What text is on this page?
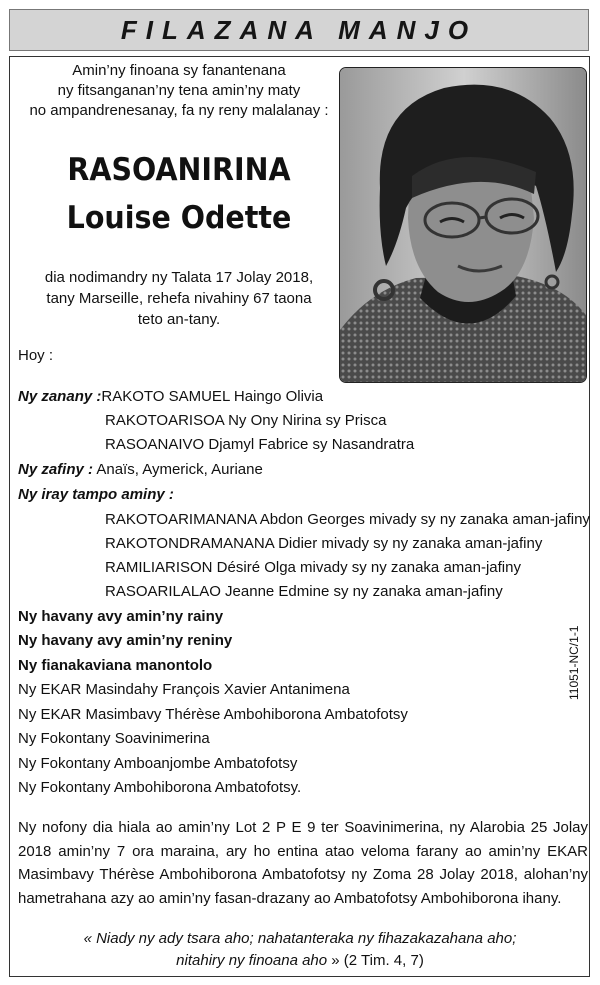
FILAZANA MANJO
Amin’ny finoana sy fanantenana
ny fitsanganan’ny tena amin’ny maty
no ampandrenesanay, fa ny reny malalanay :
RASOANIRINA
Louise Odette
dia nodimandry ny Talata 17 Jolay 2018,
tany Marseille, rehefa nivahiny 67 taona
teto an-tany.
Hoy :
Ny zanany :RAKOTO SAMUEL Haingo Olivia
RAKOTOARISOA Ny Ony Nirina sy Prisca
RASOANAIVO Djamyl Fabrice sy Nasandratra
Ny zafiny : Anaïs, Aymerick, Auriane
Ny iray tampo aminy :
RAKOTOARIMANANA Abdon Georges mivady sy ny zanaka aman-jafiny
RAKOTONDRAMANANA Didier mivady sy ny zanaka aman-jafiny
RAMILIARISON Désiré Olga mivady sy ny zanaka aman-jafiny
RASOARILALAO Jeanne Edmine sy ny zanaka aman-jafiny
Ny havany avy amin’ny rainy
Ny havany avy amin’ny reniny
Ny fianakaviana manontolo
Ny EKAR Masindahy François Xavier Antanimena
Ny EKAR Masimbavy Thérèse Ambohiborona Ambatofotsy
Ny Fokontany Soavinimerina
Ny Fokontany Amboanjombe Ambatofotsy
Ny Fokontany Ambohiborona Ambatofotsy.
11051-NC/1-1
Ny nofony dia hiala ao amin’ny Lot 2 P E 9 ter Soavinimerina, ny Alarobia 25 Jolay 2018 amin’ny 7 ora maraina, ary ho entina atao veloma farany ao amin’ny EKAR Masimbavy Thérèse Ambohiborona Ambatofotsy ny Zoma 28 Jolay 2018, alohan’ny hametrahana azy ao amin’ny fasan-drazany ao Ambatofotsy Ambohiborona ihany.
« Niady ny ady tsara aho; nahatanteraka ny fihazakazahana aho;
nitahiry ny finoana aho » (2 Tim. 4, 7)
